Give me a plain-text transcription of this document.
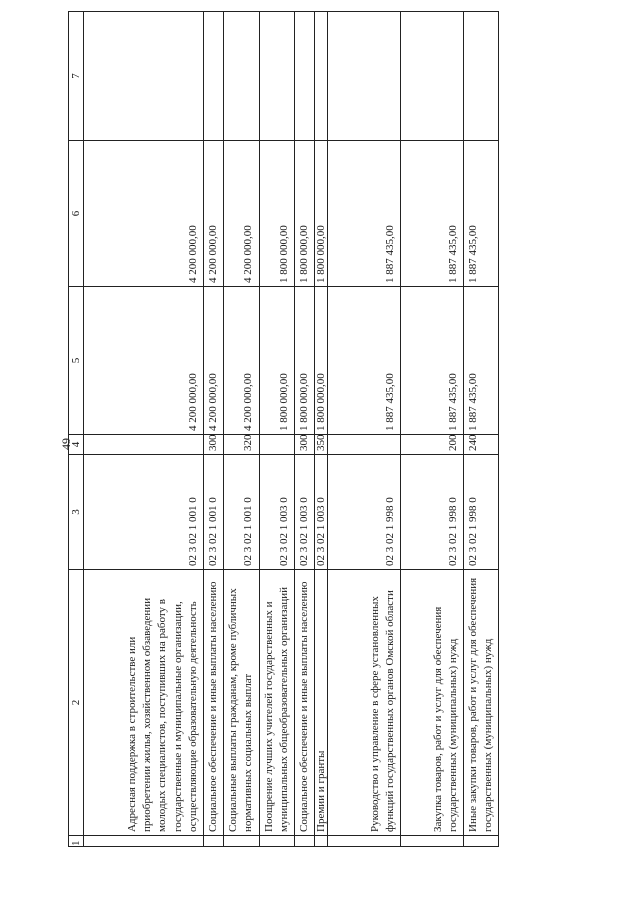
49
1	2	3	4	5	6	7
	Адресная поддержка в строительстве или приобретении жилья, хозяйственном обзаведении молодых специалистов, поступивших на работу в государственные и муниципальные организации, осуществляющие образовательную деятельность	02 3 02 1 001 0		4 200 000,00	4 200 000,00	
	Социальное обеспечение и иные выплаты населению	02 3 02 1 001 0	300	4 200 000,00	4 200 000,00	
	Социальные выплаты гражданам, кроме публичных нормативных социальных выплат	02 3 02 1 001 0	320	4 200 000,00	4 200 000,00	
	Поощрение лучших учителей государственных и муниципальных общеобразовательных организаций	02 3 02 1 003 0		1 800 000,00	1 800 000,00	
	Социальное обеспечение и иные выплаты населению	02 3 02 1 003 0	300	1 800 000,00	1 800 000,00	
	Премии и гранты	02 3 02 1 003 0	350	1 800 000,00	1 800 000,00	
	Руководство и управление в сфере установленных функций государственных органов Омской области	02 3 02 1 998 0		1 887 435,00	1 887 435,00	
	Закупка товаров, работ и услуг для обеспечения государственных (муниципальных) нужд	02 3 02 1 998 0	200	1 887 435,00	1 887 435,00	
	Иные закупки товаров, работ и услуг для обеспечения государственных (муниципальных) нужд	02 3 02 1 998 0	240	1 887 435,00	1 887 435,00	
